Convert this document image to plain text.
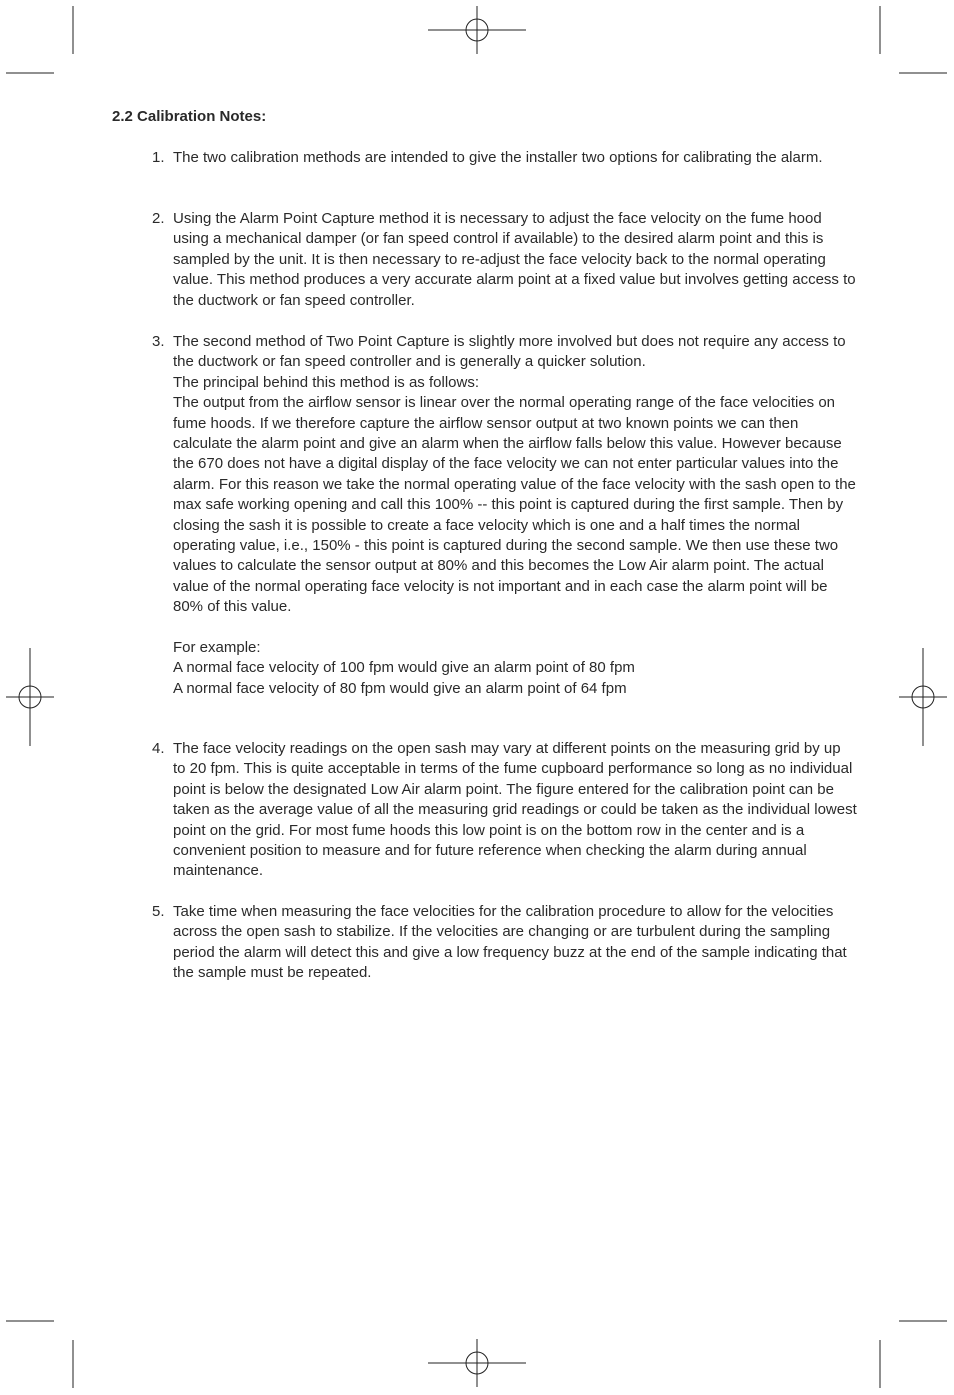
2.2 Calibration Notes:
1. The two calibration methods are intended to give the installer two options for calibrating the alarm.
2. Using the Alarm Point Capture method it is necessary to adjust the face velocity on the fume hood using a mechanical damper (or fan speed control if available) to the desired alarm point and this is sampled by the unit. It is then necessary to re-adjust the face velocity back to the normal operating value. This method produces a very accurate alarm point at a fixed value but involves getting access to the ductwork or fan speed controller.
3. The second method of Two Point Capture is slightly more involved but does not require any access to the ductwork or fan speed controller and is generally a quicker solution.
The principal behind this method is as follows:
The output from the airflow sensor is linear over the normal operating range of the face velocities on fume hoods. If we therefore capture the airflow sensor output at two known points we can then calculate the alarm point and give an alarm when the airflow falls below this value. However because the 670 does not have a digital display of the face velocity we can not enter particular values into the alarm. For this reason we take the normal operating value of the face velocity with the sash open to the max safe working opening and call this 100% -- this point is captured during the first sample. Then by closing the sash it is possible to create a face velocity which is one and a half times the normal operating value, i.e., 150% - this point is captured during the second sample. We then use these two values to calculate the sensor output at 80% and this becomes the Low Air alarm point. The actual value of the normal operating face velocity is not important and in each case the alarm point will be 80% of this value.
For example:
A normal face velocity of 100 fpm would give an alarm point of 80 fpm
A normal face velocity of 80 fpm would give an alarm point of 64 fpm
4. The face velocity readings on the open sash may vary at different points on the measuring grid by up to 20 fpm. This is quite acceptable in terms of the fume cupboard performance so long as no individual point is below the designated Low Air alarm point. The figure entered for the calibration point can be taken as the average value of all the measuring grid readings or could be taken as the individual lowest point on the grid. For most fume hoods this low point is on the bottom row in the center and is a convenient position to measure and for future reference when checking the alarm during annual maintenance.
5. Take time when measuring the face velocities for the calibration procedure to allow for the velocities across the open sash to stabilize. If the velocities are changing or are turbulent during the sampling period the alarm will detect this and give a low frequency buzz at the end of the sample indicating that the sample must be repeated.
